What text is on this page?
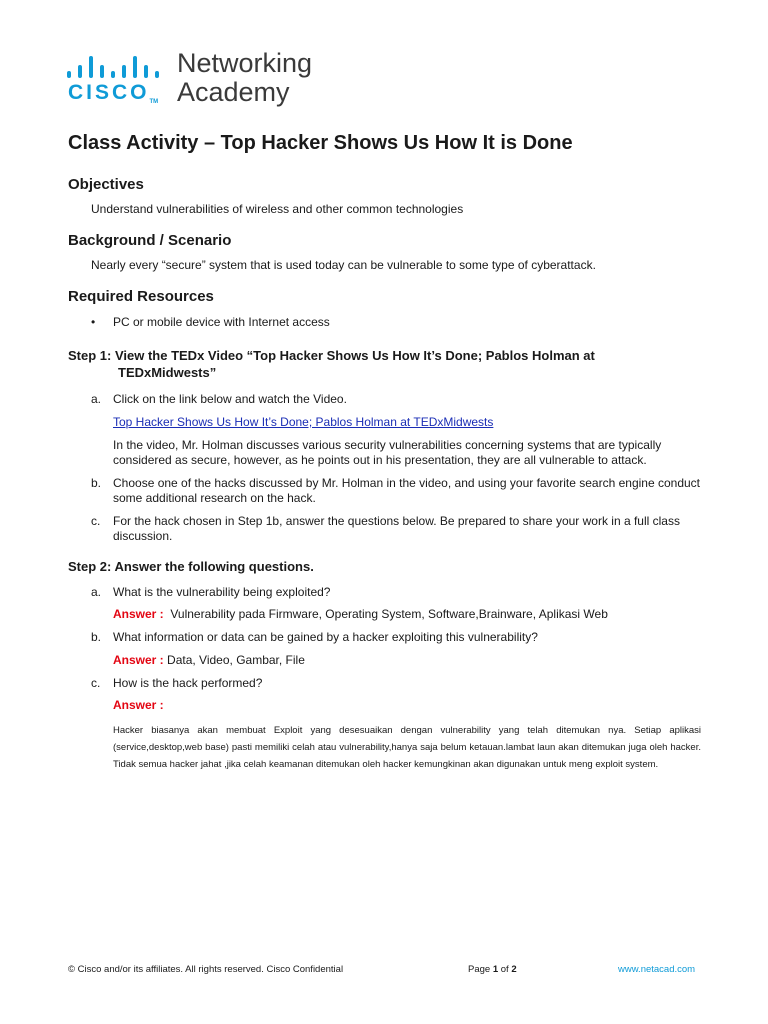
CISCOTM
Networking
Academy
Class Activity – Top Hacker Shows Us How It is Done
Objectives

Understand vulnerabilities of wireless and other common technologies

Background / Scenario

Nearly every “secure” system that is used today can be vulnerable to some type of cyberattack.

Required Resources
• PC or mobile device with Internet access

Step 1: View the TEDx Video “Top Hacker Shows Us How It’s Done; Pablos Holman at
TEDxMidwests”
a. Click on the link below and watch the Video.

Top Hacker Shows Us How It’s Done; Pablos Holman at TEDxMidwests

In the video, Mr. Holman discusses various security vulnerabilities concerning systems that are typically considered as secure, however, as he points out in his presentation, they are all vulnerable to attack.

b. Choose one of the hacks discussed by Mr. Holman in the video, and using your favorite search engine conduct some additional research on the hack.

c. For the hack chosen in Step 1b, answer the questions below. Be prepared to share your work in a full class discussion.

Step 2: Answer the following questions.
a. What is the vulnerability being exploited?

Answer : Vulnerability pada Firmware, Operating System, Software,Brainware, Aplikasi Web

b. What information or data can be gained by a hacker exploiting this vulnerability?

Answer : Data, Video, Gambar, File

c. How is the hack performed?

Answer :

Hacker biasanya akan membuat Exploit yang desesuaikan dengan vulnerability yang telah ditemukan nya. Setiap aplikasi (service,desktop,web base) pasti memiliki celah atau vulnerability,hanya saja belum ketauan.lambat laun akan ditemukan juga oleh hacker. Tidak semua hacker jahat ,jika celah keamanan ditemukan oleh hacker kemungkinan akan digunakan untuk meng exploit system.

© Cisco and/or its affiliates. All rights reserved. Cisco Confidential	Page 1 of 2	www.netacad.com
